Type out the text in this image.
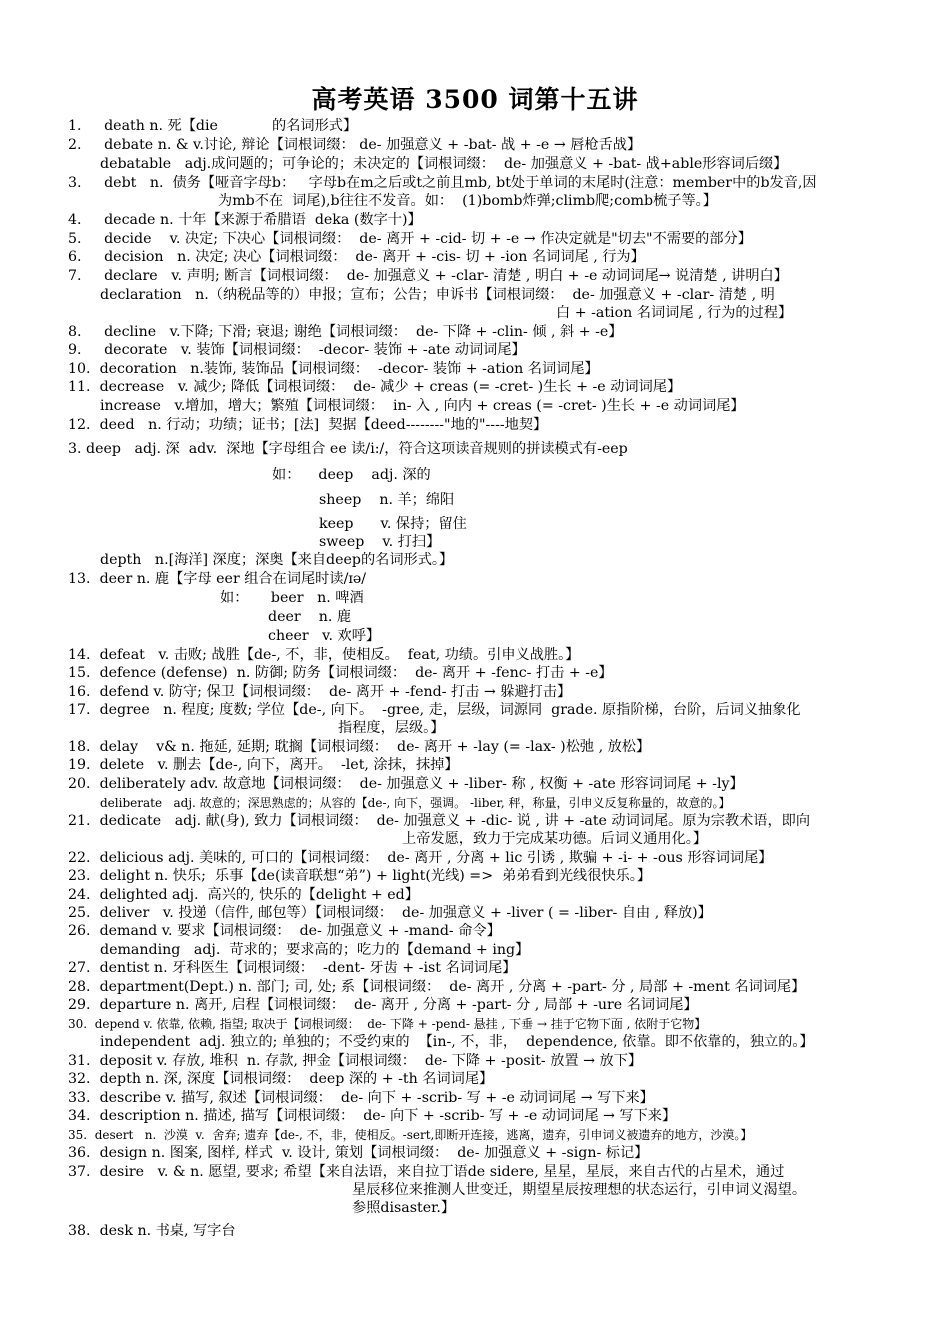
高考英语 3500 词第十五讲
1.     death n. 死【die            的名词形式】
2.     debate n. & v.讨论, 辩论【词根词缀： de- 加强意义 + -bat- 战 + -e → 唇枪舌战】
debatable   adj.成问题的；可争论的；未决定的【词根词缀：  de- 加强意义 + -bat- 战+able形容词后缀】
3.     debt   n.  债务【哑音字母b：   字母b在m之后或t之前且mb, bt处于单词的末尾时(注意：member中的b发音,因
为mb不在  词尾),b往往不发音。如：  (1)bomb炸弹;climb爬;comb梳子等。】
4.     decade n. 十年【来源于希腊语  deka (数字十)】
5.     decide    v. 决定; 下决心【词根词缀：  de- 离开 + -cid- 切 + -e → 作决定就是"切去"不需要的部分】
6.     decision   n. 决定; 决心【词根词缀：  de- 离开 + -cis- 切 + -ion 名词词尾 , 行为】
7.     declare   v. 声明; 断言【词根词缀：  de- 加强意义 + -clar- 清楚 , 明白 + -e 动词词尾→ 说清楚 , 讲明白】
declaration   n.（纳税品等的）申报；宣布；公告；申诉书【词根词缀：  de- 加强意义 + -clar- 清楚 , 明
白 + -ation 名词词尾 , 行为的过程】
8.     decline   v.下降; 下滑; 衰退; 谢绝【词根词缀：  de- 下降 + -clin- 倾 , 斜 + -e】
9.     decorate   v. 装饰【词根词缀：  -decor- 装饰 + -ate 动词词尾】
10.  decoration   n.装饰, 装饰品【词根词缀：  -decor- 装饰 + -ation 名词词尾】
11.  decrease   v. 减少; 降低【词根词缀：  de- 减少 + creas (= -cret- )生长 + -e 动词词尾】
increase   v.增加，增大；繁殖【词根词缀：  in- 入 , 向内 + creas (= -cret- )生长 + -e 动词词尾】
12.  deed   n. 行动；功绩；证书；[法]  契据【deed--------"地的"----地契】
3. deep   adj. 深  adv.  深地【字母组合 ee 读/i:/，符合这项读音规则的拼读模式有-eep
如：    deep    adj. 深的
sheep    n. 羊；绵阳
keep      v. 保持；留住
sweep    v. 打扫】
depth   n.[海洋] 深度；深奥【来自deep的名词形式。】
13.  deer n. 鹿【字母 eer 组合在词尾时读/ɪə/
如：     beer   n. 啤酒
deer    n. 鹿
cheer   v. 欢呼】
14.  defeat   v. 击败; 战胜【de-, 不，非，使相反。  feat, 功绩。引申义战胜。】
15.  defence (defense)  n. 防御; 防务【词根词缀：  de- 离开 + -fenc- 打击 + -e】
16.  defend v. 防守; 保卫【词根词缀：  de- 离开 + -fend- 打击 → 躲避打击】
17.  degree   n. 程度; 度数; 学位【de-, 向下。  -gree, 走，层级，词源同  grade. 原指阶梯，台阶，后词义抽象化
指程度，层级。】
18.  delay    v& n. 拖延, 延期; 耽搁【词根词缀：  de- 离开 + -lay (= -lax- )松弛 , 放松】
19.  delete   v. 删去【de-, 向下，离开。  -let, 涂抹，抹掉】
20.  deliberately adv. 故意地【词根词缀：  de- 加强意义 + -liber- 称 , 权衡 + -ate 形容词词尾 + -ly】
deliberate   adj. 故意的；深思熟虑的；从容的【de-, 向下，强调。 -liber, 秤，称量，引申义反复称量的，故意的。】
21.  dedicate   adj. 献(身), 致力【词根词缀：  de- 加强意义 + -dic- 说 , 讲 + -ate 动词词尾。原为宗教术语，即向
上帝发愿，致力于完成某功德。后词义通用化。】
22.  delicious adj. 美味的, 可口的【词根词缀：  de- 离开 , 分离 + lic 引诱 , 欺骗 + -i- + -ous 形容词词尾】
23.  delight n. 快乐;  乐事【de(读音联想“弟”) + light(光线) =>  弟弟看到光线很快乐。】
24.  delighted adj.  高兴的, 快乐的【delight + ed】
25.  deliver   v. 投递（信件, 邮包等）【词根词缀：  de- 加强意义 + -liver ( = -liber- 自由 , 释放)】
26.  demand v. 要求【词根词缀：  de- 加强意义 + -mand- 命令】
demanding   adj.  苛求的；要求高的；吃力的【demand + ing】
27.  dentist n. 牙科医生【词根词缀：  -dent- 牙齿 + -ist 名词词尾】
28.  department(Dept.) n. 部门; 司, 处; 系【词根词缀：  de- 离开 , 分离 + -part- 分 , 局部 + -ment 名词词尾】
29.  departure n. 离开, 启程【词根词缀：  de- 离开 , 分离 + -part- 分 , 局部 + -ure 名词词尾】
30.  depend v. 依靠, 依赖, 指望; 取决于【词根词缀：  de- 下降 + -pend- 悬挂 , 下垂 → 挂于它物下面 , 依附于它物】
independent  adj. 独立的; 单独的；不受约束的  【in-, 不，非，  dependence, 依靠。即不依靠的，独立的。】
31.  deposit v. 存放, 堆积  n. 存款, 押金【词根词缀：  de- 下降 + -posit- 放置 → 放下】
32.  depth n. 深, 深度【词根词缀：  deep 深的 + -th 名词词尾】
33.  describe v. 描写, 叙述【词根词缀：  de- 向下 + -scrib- 写 + -e 动词词尾 → 写下来】
34.  description n. 描述, 描写【词根词缀：  de- 向下 + -scrib- 写 + -e 动词词尾 → 写下来】
35.  desert   n.  沙漠  v.  舍弃; 遗弃【de-, 不，非，使相反。-sert,即断开连接，逃离，遗弃，引申词义被遗弃的地方，沙漠。】
36.  design n. 图案, 图样, 样式  v. 设计, 策划【词根词缀：  de- 加强意义 + -sign- 标记】
37.  desire   v. & n. 愿望, 要求; 希望【来自法语，来自拉丁语de sidere, 星星，星辰，来自古代的占星术，通过
星辰移位来推测人世变迁，期望星辰按理想的状态运行，引申词义渴望。
参照disaster.】
38.  desk n. 书桌, 写字台
